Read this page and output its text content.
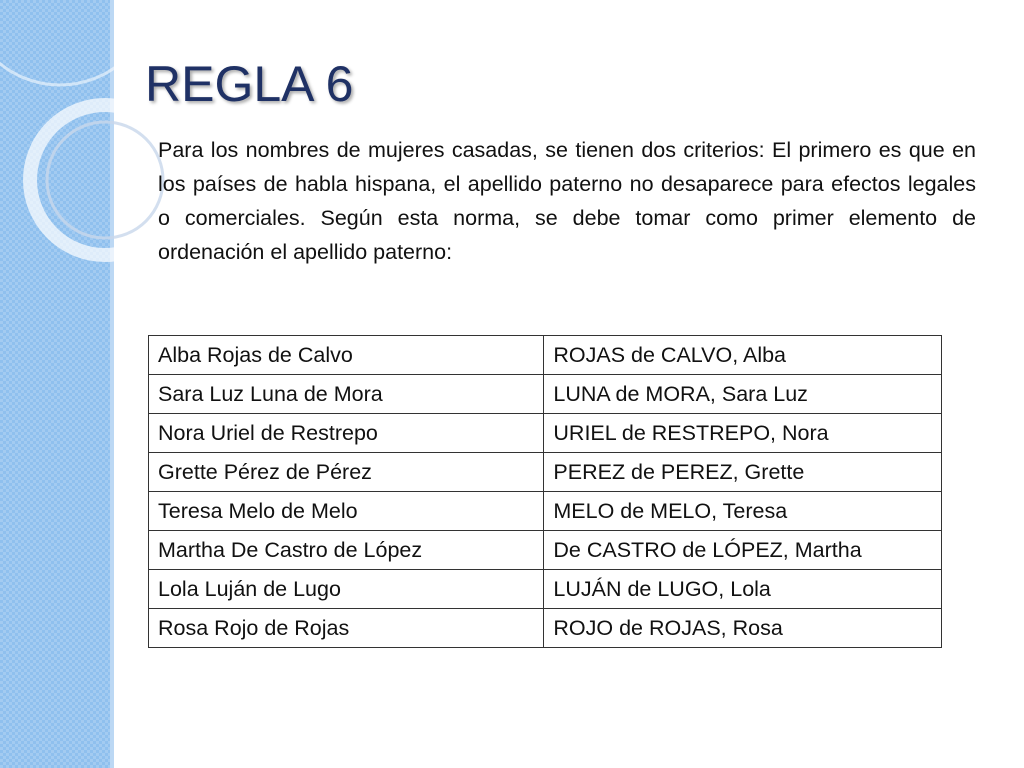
REGLA 6

Para los nombres de mujeres casadas, se tienen dos criterios: El primero es que en los países de habla hispana, el apellido paterno no desaparece para efectos legales o comerciales. Según esta norma, se debe tomar como primer elemento de ordenación el apellido paterno:

Alba Rojas de Calvo	ROJAS de CALVO, Alba
Sara Luz Luna de Mora	LUNA de MORA, Sara Luz
Nora Uriel de Restrepo	URIEL de RESTREPO, Nora
Grette Pérez de Pérez	PEREZ de PEREZ, Grette
Teresa Melo de Melo	MELO de MELO, Teresa
Martha De Castro de López	De CASTRO de LÓPEZ, Martha
Lola Luján de Lugo	LUJÁN de LUGO, Lola
Rosa Rojo de Rojas	ROJO de ROJAS, Rosa
